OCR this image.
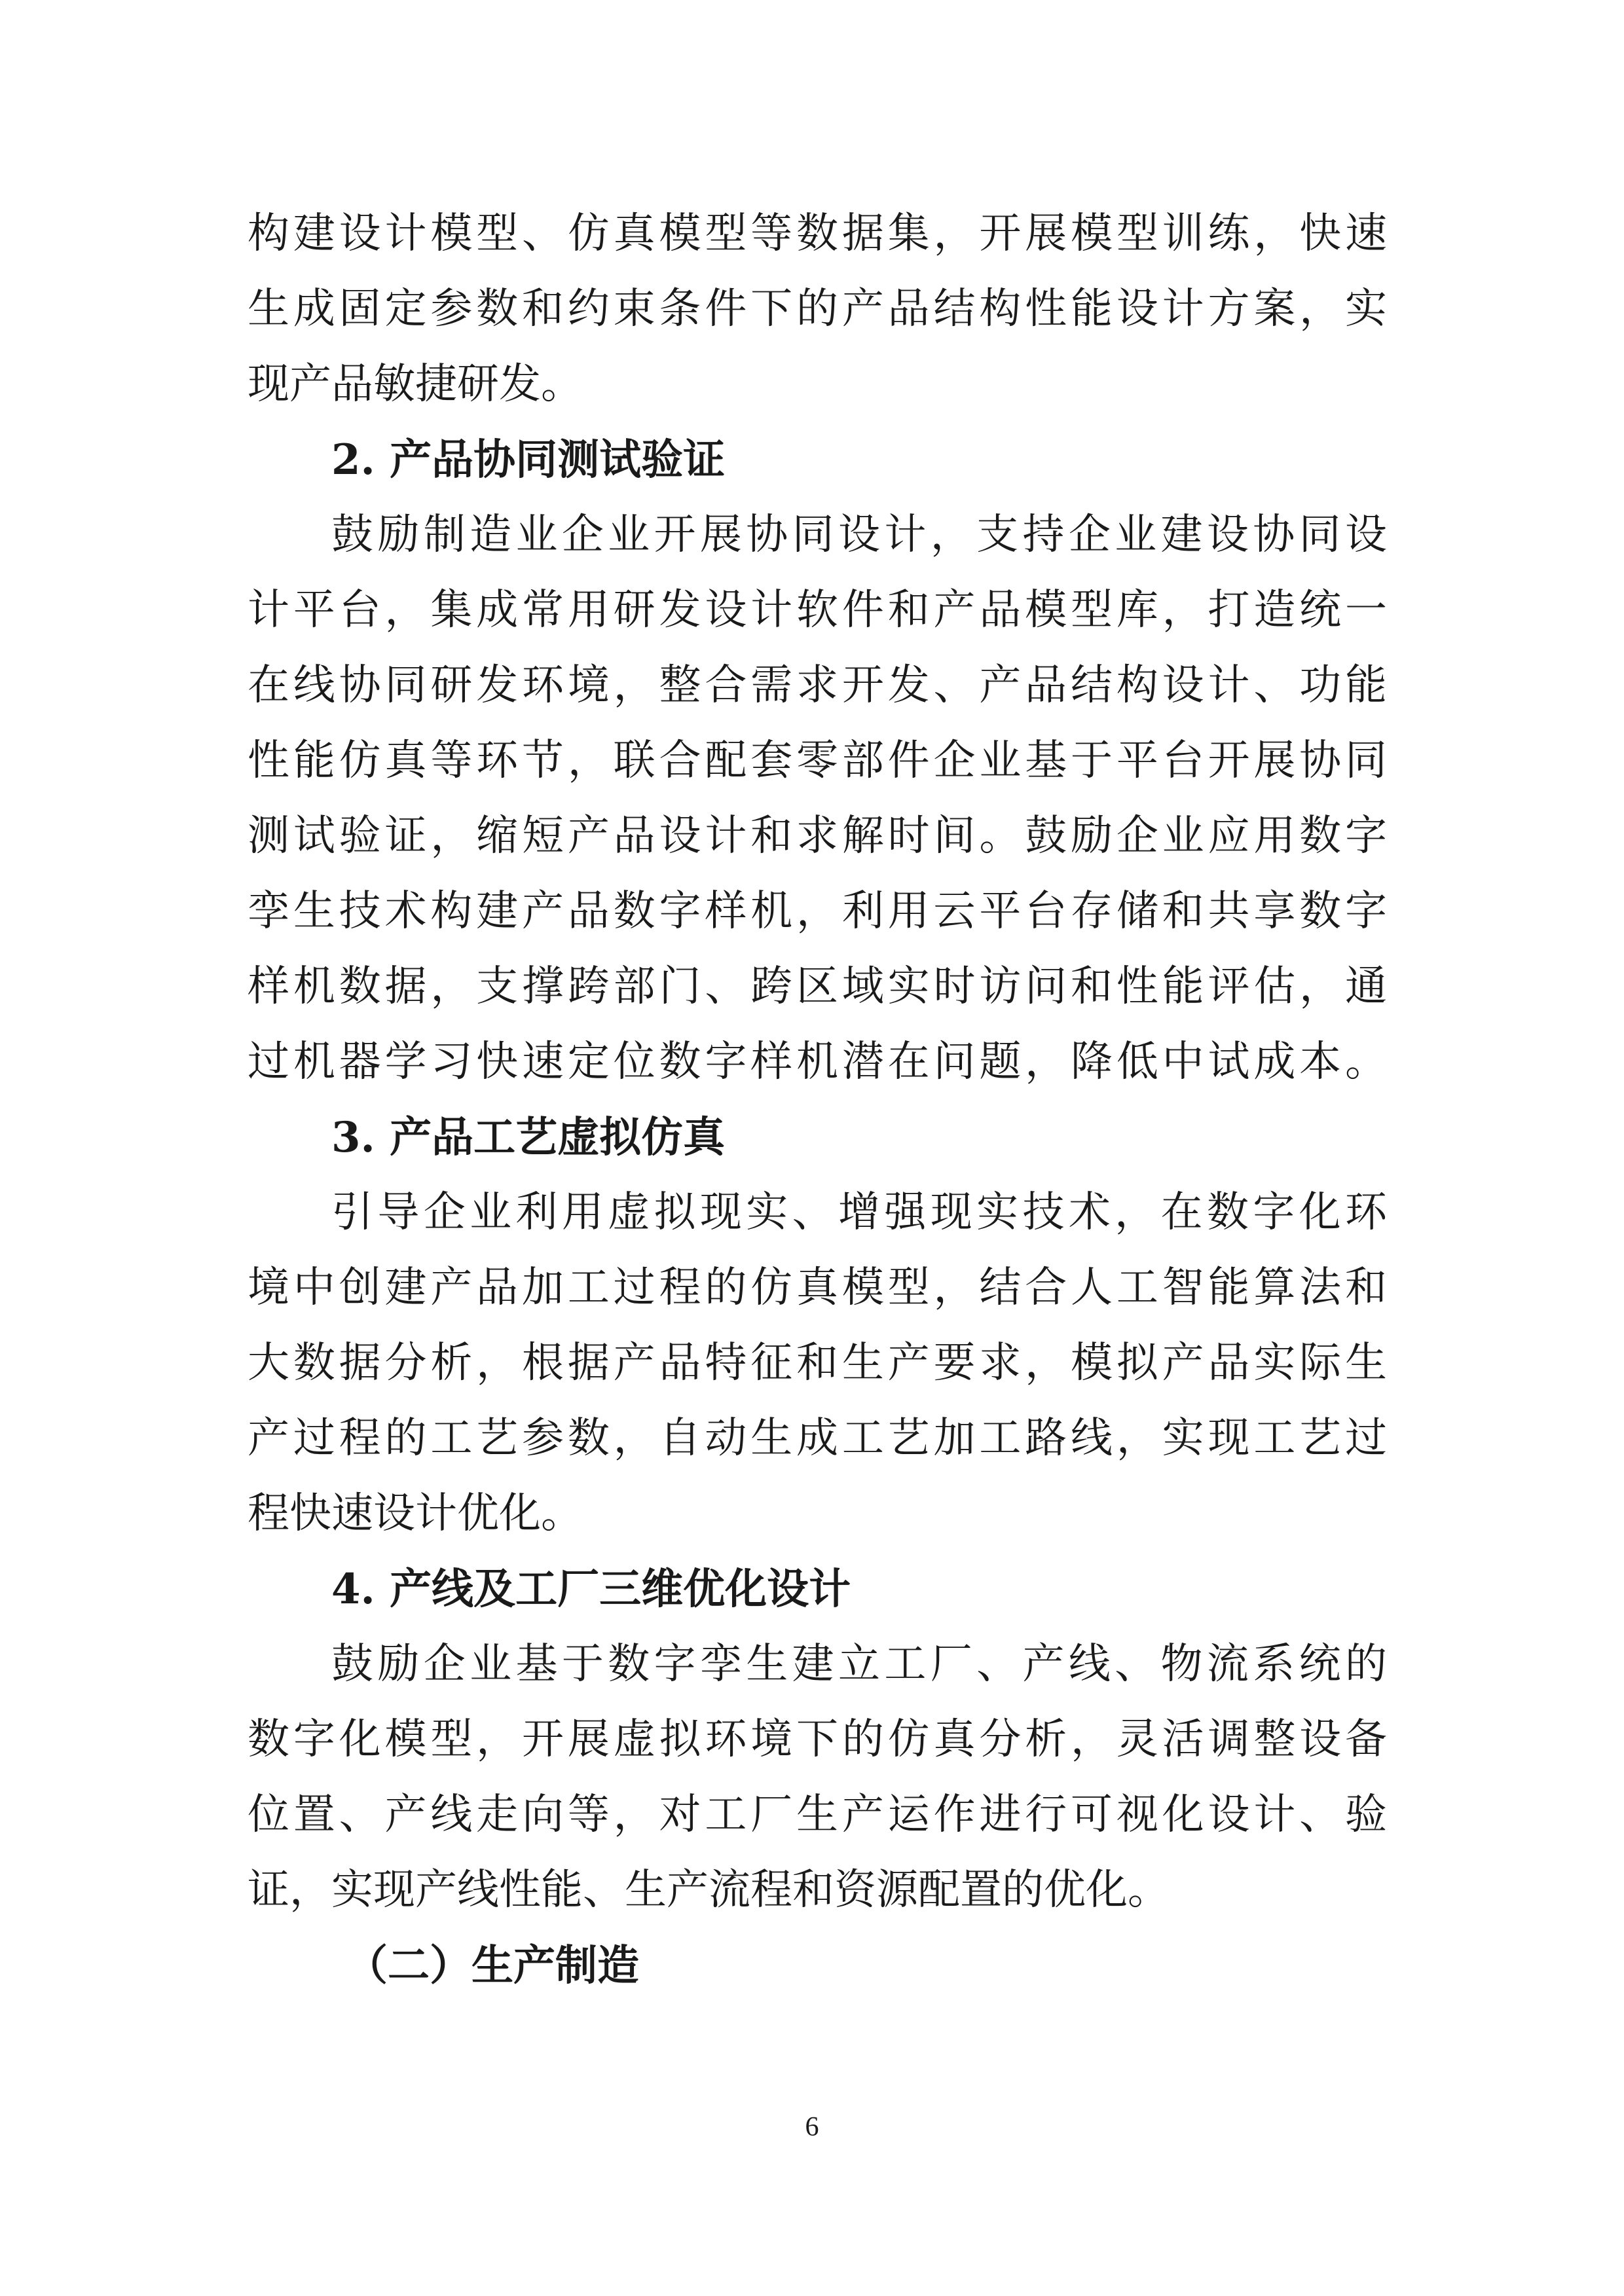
构建设计模型、仿真模型等数据集，开展模型训练，快速
生成固定参数和约束条件下的产品结构性能设计方案，实
现产品敏捷研发。
2. 产品协同测试验证
鼓励制造业企业开展协同设计，支持企业建设协同设
计平台，集成常用研发设计软件和产品模型库，打造统一
在线协同研发环境，整合需求开发、产品结构设计、功能
性能仿真等环节，联合配套零部件企业基于平台开展协同
测试验证，缩短产品设计和求解时间。鼓励企业应用数字
孪生技术构建产品数字样机，利用云平台存储和共享数字
样机数据，支撑跨部门、跨区域实时访问和性能评估，通
过机器学习快速定位数字样机潜在问题，降低中试成本。
3. 产品工艺虚拟仿真
引导企业利用虚拟现实、增强现实技术，在数字化环
境中创建产品加工过程的仿真模型，结合人工智能算法和
大数据分析，根据产品特征和生产要求，模拟产品实际生
产过程的工艺参数，自动生成工艺加工路线，实现工艺过
程快速设计优化。
4. 产线及工厂三维优化设计
鼓励企业基于数字孪生建立工厂、产线、物流系统的
数字化模型，开展虚拟环境下的仿真分析，灵活调整设备
位置、产线走向等，对工厂生产运作进行可视化设计、验
证，实现产线性能、生产流程和资源配置的优化。
（二）生产制造
6
